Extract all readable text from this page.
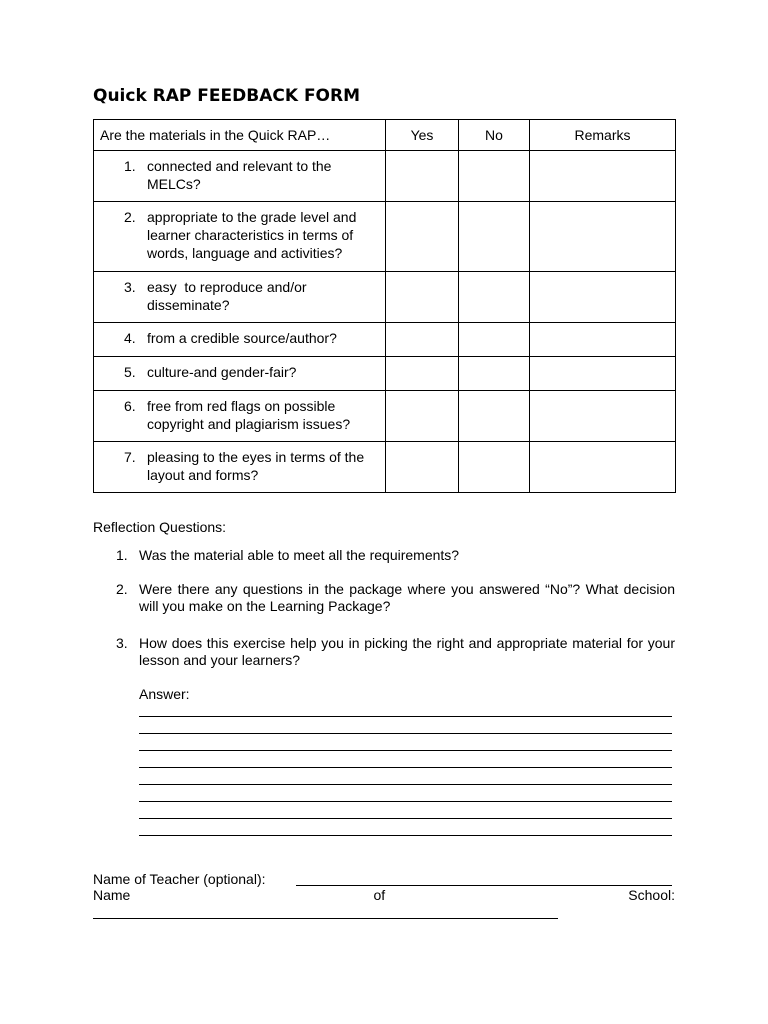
Quick RAP FEEDBACK FORM
Are the materials in the Quick RAP…	Yes	No	Remarks

1. connected and relevant to the MELCs?			

2. appropriate to the grade level and learner characteristics in terms of words, language and activities?			

3. easy  to reproduce and/or disseminate?			

4. from a credible source/author?			

5. culture-and gender-fair?			

6. free from red flags on possible copyright and plagiarism issues?			

7. pleasing to the eyes in terms of the layout and forms?			

Reflection Questions:

1. Was the material able to meet all the requirements?
2. Were there any questions in the package where you answered “No”? What decision will you make on the Learning Package?
3. How does this exercise help you in picking the right and appropriate material for your lesson and your learners?
Answer:
Name of Teacher (optional):
Name	of	School:
